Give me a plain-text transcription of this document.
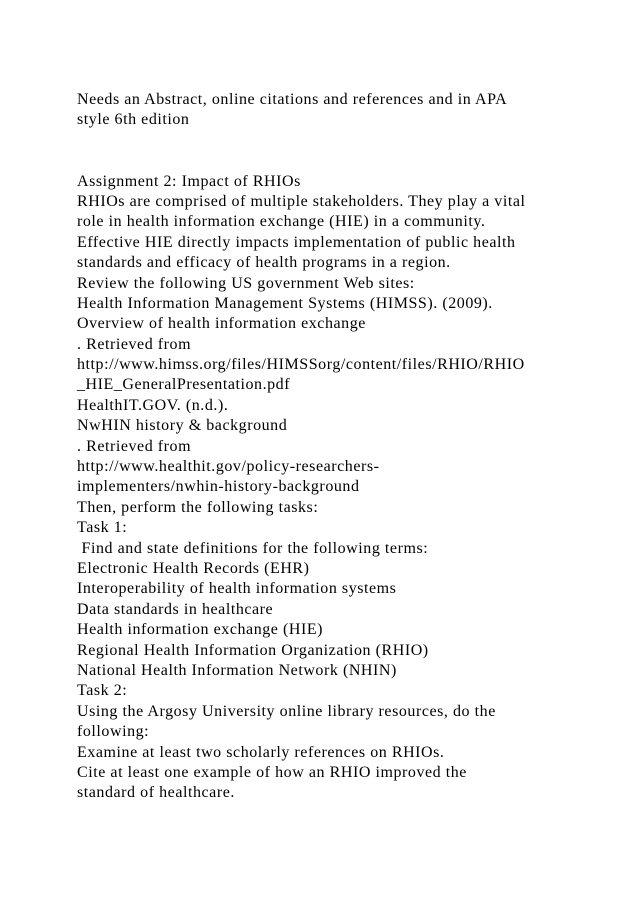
Needs an Abstract, online citations and references and in APA
style 6th edition
Assignment 2: Impact of RHIOs
RHIOs are comprised of multiple stakeholders. They play a vital
role in health information exchange (HIE) in a community.
Effective HIE directly impacts implementation of public health
standards and efficacy of health programs in a region.
Review the following US government Web sites:
Health Information Management Systems (HIMSS). (2009).
Overview of health information exchange
. Retrieved from
http://www.himss.org/files/HIMSSorg/content/files/RHIO/RHIO
_HIE_GeneralPresentation.pdf
HealthIT.GOV. (n.d.).
NwHIN history & background
. Retrieved from
http://www.healthit.gov/policy-researchers-
implementers/nwhin-history-background
Then, perform the following tasks:
Task 1:
Find and state definitions for the following terms:
Electronic Health Records (EHR)
Interoperability of health information systems
Data standards in healthcare
Health information exchange (HIE)
Regional Health Information Organization (RHIO)
National Health Information Network (NHIN)
Task 2:
Using the Argosy University online library resources, do the
following:
Examine at least two scholarly references on RHIOs.
Cite at least one example of how an RHIO improved the
standard of healthcare.
